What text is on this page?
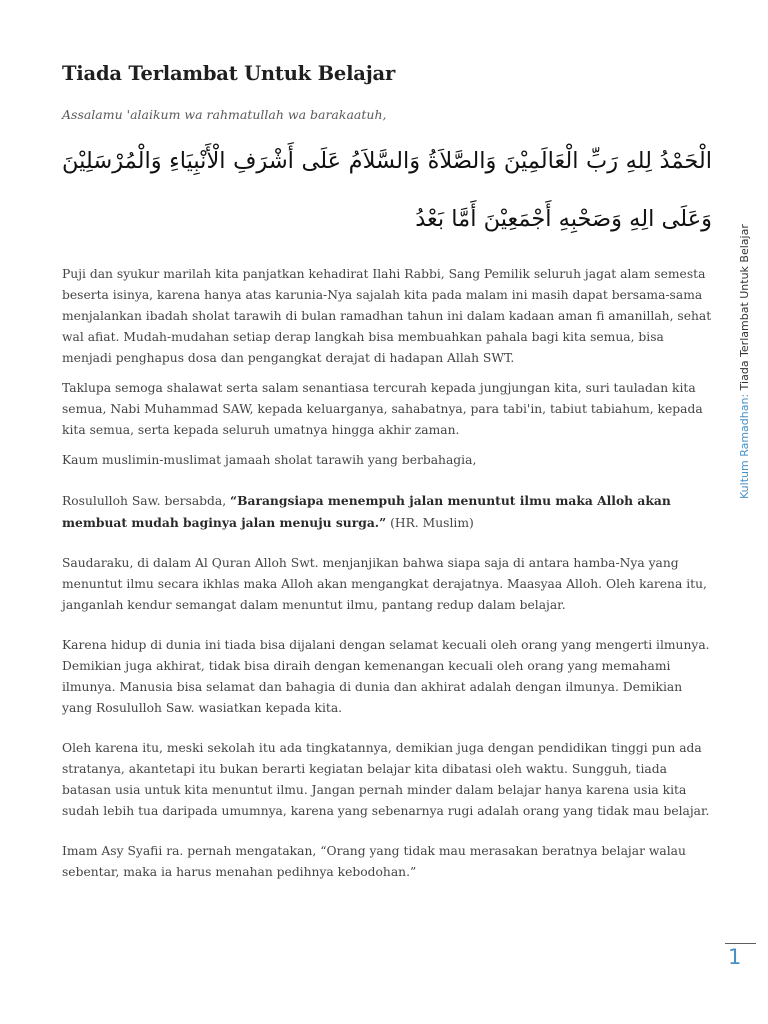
Tiada Terlambat Untuk Belajar

Assalamu 'alaikum wa rahmatullah wa barakaatuh,

الْحَمْدُ لِلهِ رَبِّ الْعَالَمِيْنَ وَالصَّلاَةُ وَالسَّلاَمُ عَلَى أَشْرَفِ الْأَنْبِيَاءِ وَالْمُرْسَلِيْنَ وَعَلَى الِهِ وَصَحْبِهِ أَجْمَعِيْنَ أَمَّا بَعْدُ

Puji dan syukur marilah kita panjatkan kehadirat Ilahi Rabbi, Sang Pemilik seluruh jagat alam semesta beserta isinya, karena hanya atas karunia-Nya sajalah kita pada malam ini masih dapat bersama-sama menjalankan ibadah sholat tarawih di bulan ramadhan tahun ini dalam kadaan aman fi amanillah, sehat wal afiat. Mudah-mudahan setiap derap langkah bisa membuahkan pahala bagi kita semua, bisa menjadi penghapus dosa dan pengangkat derajat di hadapan Allah SWT.

Taklupa semoga shalawat serta salam senantiasa tercurah kepada jungjungan kita, suri tauladan kita semua, Nabi Muhammad SAW, kepada keluarganya, sahabatnya, para tabi'in, tabiut tabiahum, kepada kita semua, serta kepada seluruh umatnya hingga akhir zaman.

Kaum muslimin-muslimat jamaah sholat tarawih yang berbahagia,

Rosululloh Saw. bersabda, “Barangsiapa menempuh jalan menuntut ilmu maka Alloh akan membuat mudah baginya jalan menuju surga.” (HR. Muslim)

Saudaraku, di dalam Al Quran Alloh Swt. menjanjikan bahwa siapa saja di antara hamba-Nya yang menuntut ilmu secara ikhlas maka Alloh akan mengangkat derajatnya. Maasyaa Alloh. Oleh karena itu, janganlah kendur semangat dalam menuntut ilmu, pantang redup dalam belajar.

Karena hidup di dunia ini tiada bisa dijalani dengan selamat kecuali oleh orang yang mengerti ilmunya. Demikian juga akhirat, tidak bisa diraih dengan kemenangan kecuali oleh orang yang memahami ilmunya. Manusia bisa selamat dan bahagia di dunia dan akhirat adalah dengan ilmunya. Demikian yang Rosululloh Saw. wasiatkan kepada kita.

Oleh karena itu, meski sekolah itu ada tingkatannya, demikian juga dengan pendidikan tinggi pun ada stratanya, akantetapi itu bukan berarti kegiatan belajar kita dibatasi oleh waktu. Sungguh, tiada batasan usia untuk kita menuntut ilmu. Jangan pernah minder dalam belajar hanya karena usia kita sudah lebih tua daripada umumnya, karena yang sebenarnya rugi adalah orang yang tidak mau belajar.

Imam Asy Syafii ra. pernah mengatakan, “Orang yang tidak mau merasakan beratnya belajar walau sebentar, maka ia harus menahan pedihnya kebodohan.”

Kultum Ramadhan: Tiada Terlambat Untuk Belajar
1
